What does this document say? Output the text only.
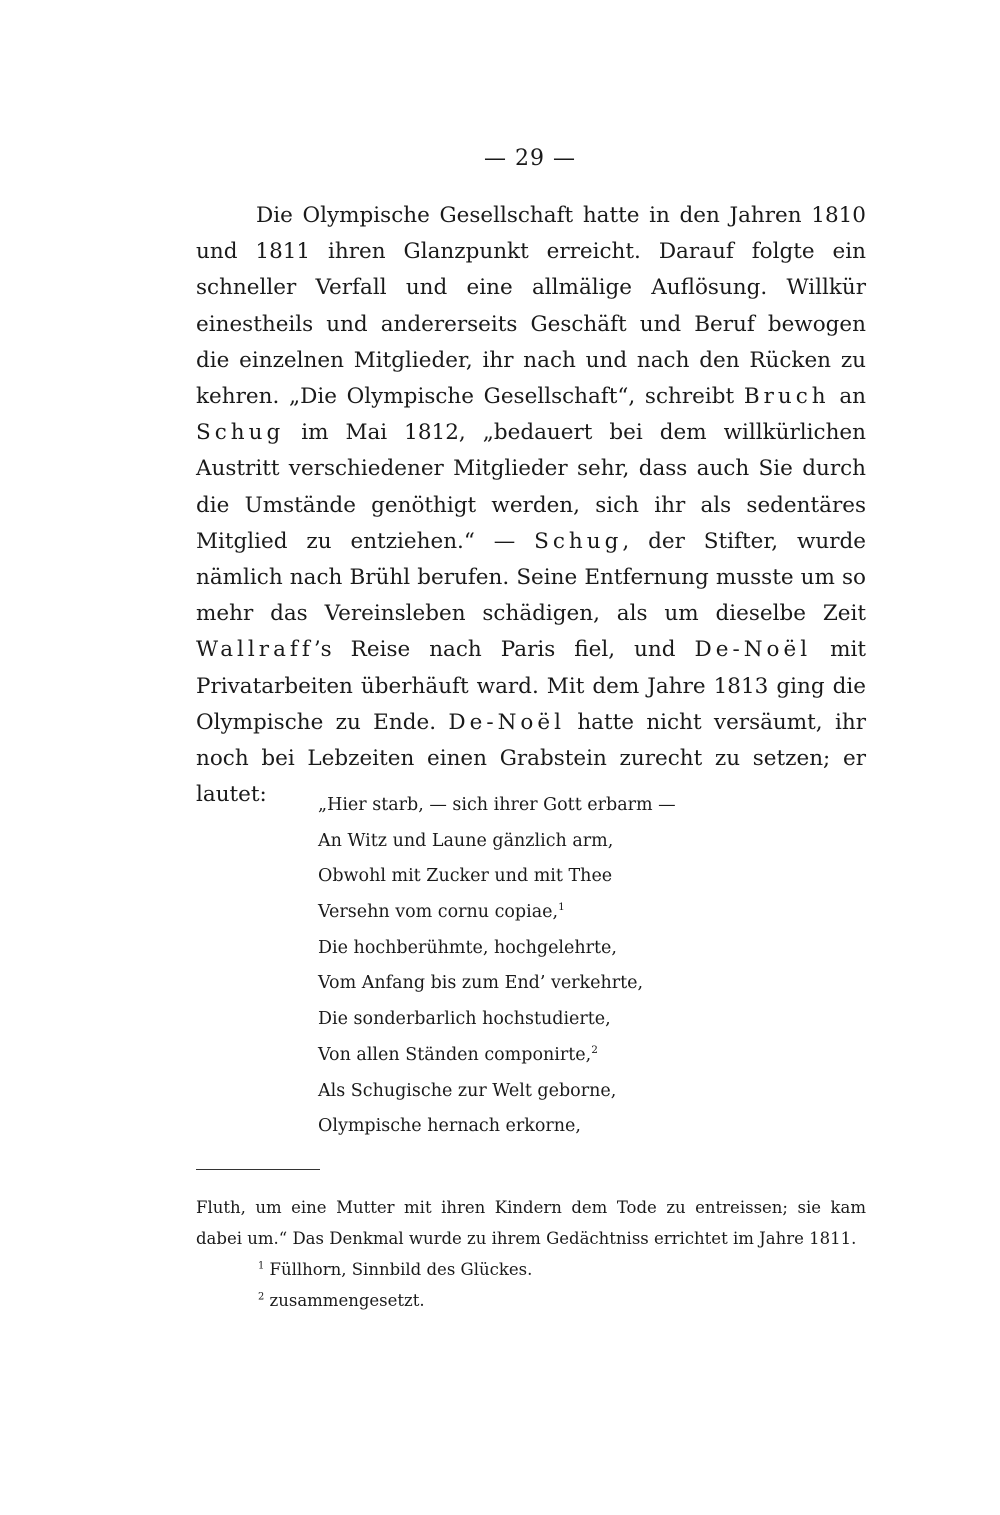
— 29 —

Die Olympische Gesellschaft hatte in den Jahren 1810 und 1811 ihren Glanzpunkt erreicht. Darauf folgte ein schneller Verfall und eine allmälige Auflösung. Willkür einestheils und andererseits Geschäft und Beruf bewogen die einzelnen Mitglieder, ihr nach und nach den Rücken zu kehren. „Die Olympische Gesellschaft“, schreibt Bruch an Schug im Mai 1812, „bedauert bei dem willkürlichen Austritt verschiedener Mitglieder sehr, dass auch Sie durch die Umstände genöthigt werden, sich ihr als sedentäres Mitglied zu entziehen.“ — Schug, der Stifter, wurde nämlich nach Brühl berufen. Seine Entfernung musste um so mehr das Vereinsleben schädigen, als um dieselbe Zeit Wallraff’s Reise nach Paris fiel, und De-Noël mit Privatarbeiten überhäuft ward. Mit dem Jahre 1813 ging die Olympische zu Ende. De-Noël hatte nicht versäumt, ihr noch bei Lebzeiten einen Grabstein zurecht zu setzen; er lautet:	„Hier starb, — sich ihrer Gott erbarm —
An Witz und Laune gänzlich arm,
Obwohl mit Zucker und mit Thee
Versehn vom cornu copiae,$^1$
Die hochberühmte, hochgelehrte,
Vom Anfang bis zum End’ verkehrte,
Die sonderbarlich hochstudierte,
Von allen Ständen componirte,$^2$
Als Schugische zur Welt geborne,
Olympische hernach erkorne,

Fluth, um eine Mutter mit ihren Kindern dem Tode zu entreissen; sie kam dabei um.“ Das Denkmal wurde zu ihrem Gedächtniss errichtet im Jahre 1811.

$^1$ Füllhorn, Sinnbild des Glückes.

$^2$ zusammengesetzt.
